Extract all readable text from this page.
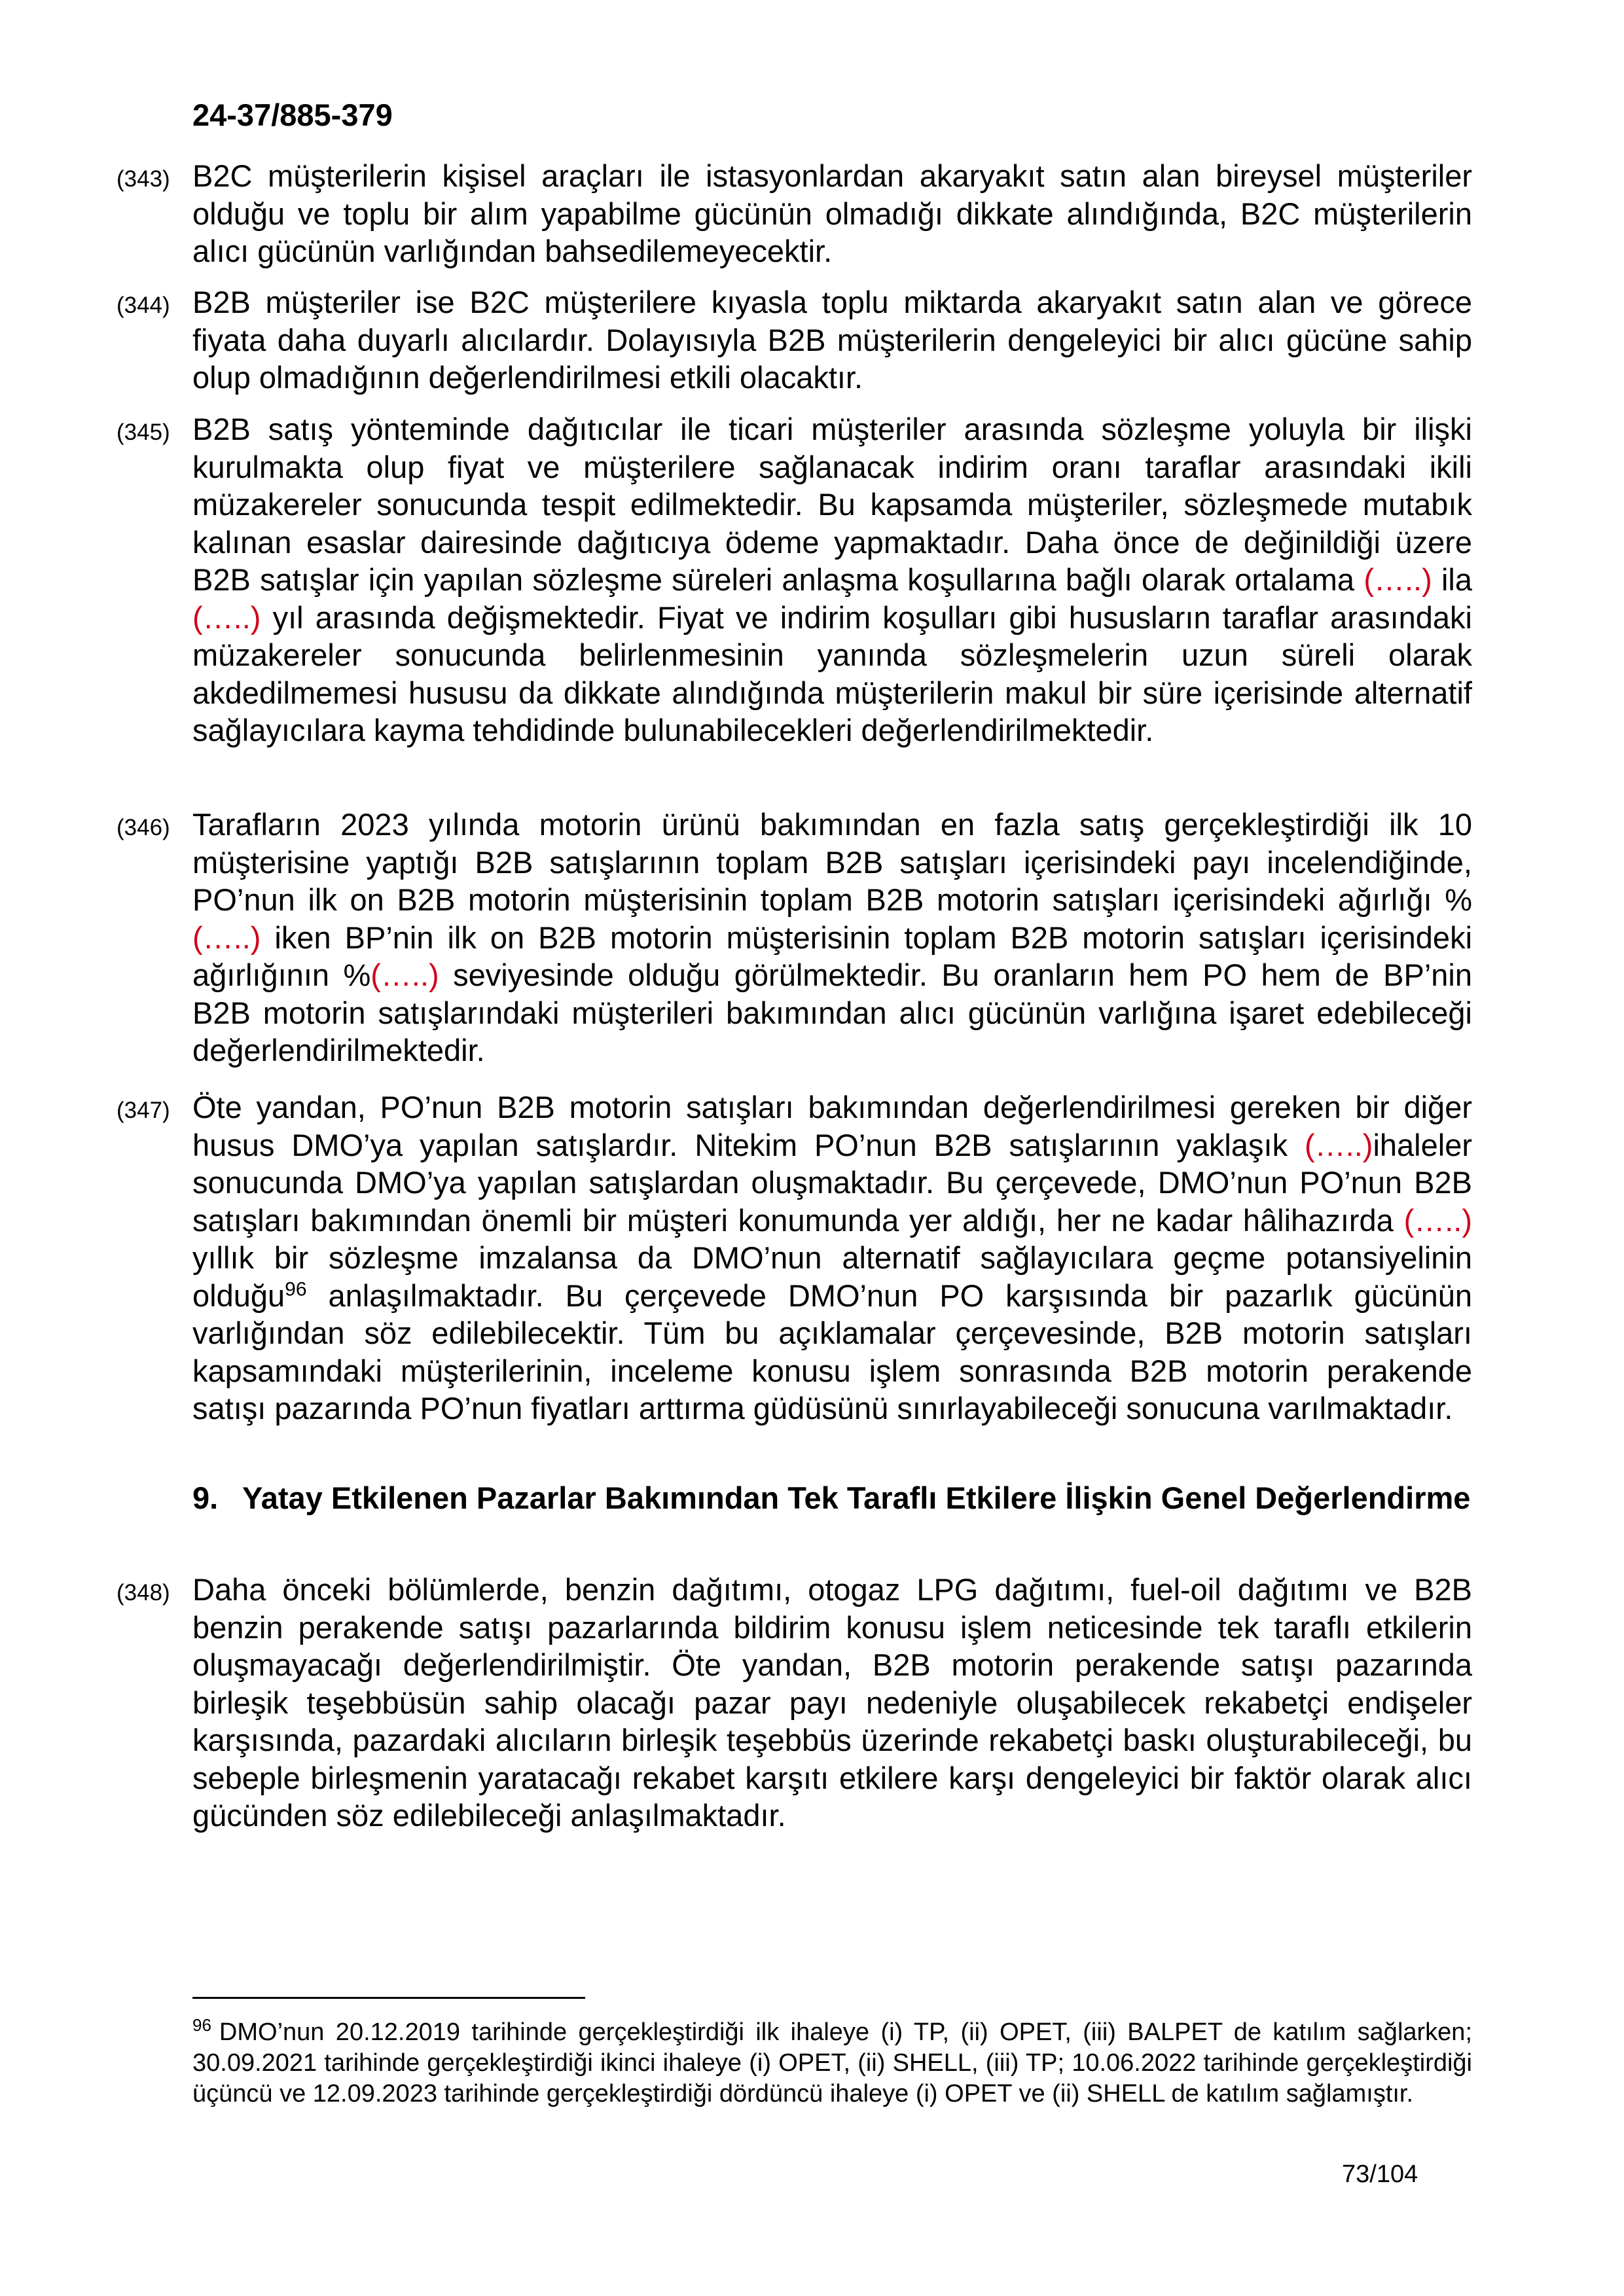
24-37/885-379
(343) B2C müşterilerin kişisel araçları ile istasyonlardan akaryakıt satın alan bireysel müşteriler olduğu ve toplu bir alım yapabilme gücünün olmadığı dikkate alındığında, B2C müşterilerin alıcı gücünün varlığından bahsedilemeyecektir.

(344) B2B müşteriler ise B2C müşterilere kıyasla toplu miktarda akaryakıt satın alan ve görece fiyata daha duyarlı alıcılardır. Dolayısıyla B2B müşterilerin dengeleyici bir alıcı gücüne sahip olup olmadığının değerlendirilmesi etkili olacaktır.

(345) B2B satış yönteminde dağıtıcılar ile ticari müşteriler arasında sözleşme yoluyla bir ilişki kurulmakta olup fiyat ve müşterilere sağlanacak indirim oranı taraflar arasındaki ikili müzakereler sonucunda tespit edilmektedir. Bu kapsamda müşteriler, sözleşmede mutabık kalınan esaslar dairesinde dağıtıcıya ödeme yapmaktadır. Daha önce de değinildiği üzere B2B satışlar için yapılan sözleşme süreleri anlaşma koşullarına bağlı olarak ortalama (…..) ila (…..) yıl arasında değişmektedir. Fiyat ve indirim koşulları gibi hususların taraflar arasındaki müzakereler sonucunda belirlenmesinin yanında sözleşmelerin uzun süreli olarak akdedilmemesi hususu da dikkate alındığında müşterilerin makul bir süre içerisinde alternatif sağlayıcılara kayma tehdidinde bulunabilecekleri değerlendirilmektedir.

(346) Tarafların 2023 yılında motorin ürünü bakımından en fazla satış gerçekleştirdiği ilk 10 müşterisine yaptığı B2B satışlarının toplam B2B satışları içerisindeki payı incelendiğinde, PO’nun ilk on B2B motorin müşterisinin toplam B2B motorin satışları içerisindeki ağırlığı %(…..) iken BP’nin ilk on B2B motorin müşterisinin toplam B2B motorin satışları içerisindeki ağırlığının %(…..) seviyesinde olduğu görülmektedir. Bu oranların hem PO hem de BP’nin B2B motorin satışlarındaki müşterileri bakımından alıcı gücünün varlığına işaret edebileceği değerlendirilmektedir.

(347) Öte yandan, PO’nun B2B motorin satışları bakımından değerlendirilmesi gereken bir diğer husus DMO’ya yapılan satışlardır. Nitekim PO’nun B2B satışlarının yaklaşık (…..)ihaleler sonucunda DMO’ya yapılan satışlardan oluşmaktadır. Bu çerçevede, DMO’nun PO’nun B2B satışları bakımından önemli bir müşteri konumunda yer aldığı, her ne kadar hâlihazırda (…..) yıllık bir sözleşme imzalansa da DMO’nun alternatif sağlayıcılara geçme potansiyelinin olduğu$^{96}$ anlaşılmaktadır. Bu çerçevede DMO’nun PO karşısında bir pazarlık gücünün varlığından söz edilebilecektir. Tüm bu açıklamalar çerçevesinde, B2B motorin satışları kapsamındaki müşterilerinin, inceleme konusu işlem sonrasında B2B motorin perakende satışı pazarında PO’nun fiyatları arttırma güdüsünü sınırlayabileceği sonucuna varılmaktadır.

9. Yatay Etkilenen Pazarlar Bakımından Tek Taraflı Etkilere İlişkin Genel Değerlendirme
(348) Daha önceki bölümlerde, benzin dağıtımı, otogaz LPG dağıtımı, fuel-oil dağıtımı ve B2B benzin perakende satışı pazarlarında bildirim konusu işlem neticesinde tek taraflı etkilerin oluşmayacağı değerlendirilmiştir. Öte yandan, B2B motorin perakende satışı pazarında birleşik teşebbüsün sahip olacağı pazar payı nedeniyle oluşabilecek rekabetçi endişeler karşısında, pazardaki alıcıların birleşik teşebbüs üzerinde rekabetçi baskı oluşturabileceği, bu sebeple birleşmenin yaratacağı rekabet karşıtı etkilere karşı dengeleyici bir faktör olarak alıcı gücünden söz edilebileceği anlaşılmaktadır.

$^{96}$ DMO’nun 20.12.2019 tarihinde gerçekleştirdiği ilk ihaleye (i) TP, (ii) OPET, (iii) BALPET de katılım sağlarken; 30.09.2021 tarihinde gerçekleştirdiği ikinci ihaleye (i) OPET, (ii) SHELL, (iii) TP; 10.06.2022 tarihinde gerçekleştirdiği üçüncü ve 12.09.2023 tarihinde gerçekleştirdiği dördüncü ihaleye (i) OPET ve (ii) SHELL de katılım sağlamıştır.

73/104
